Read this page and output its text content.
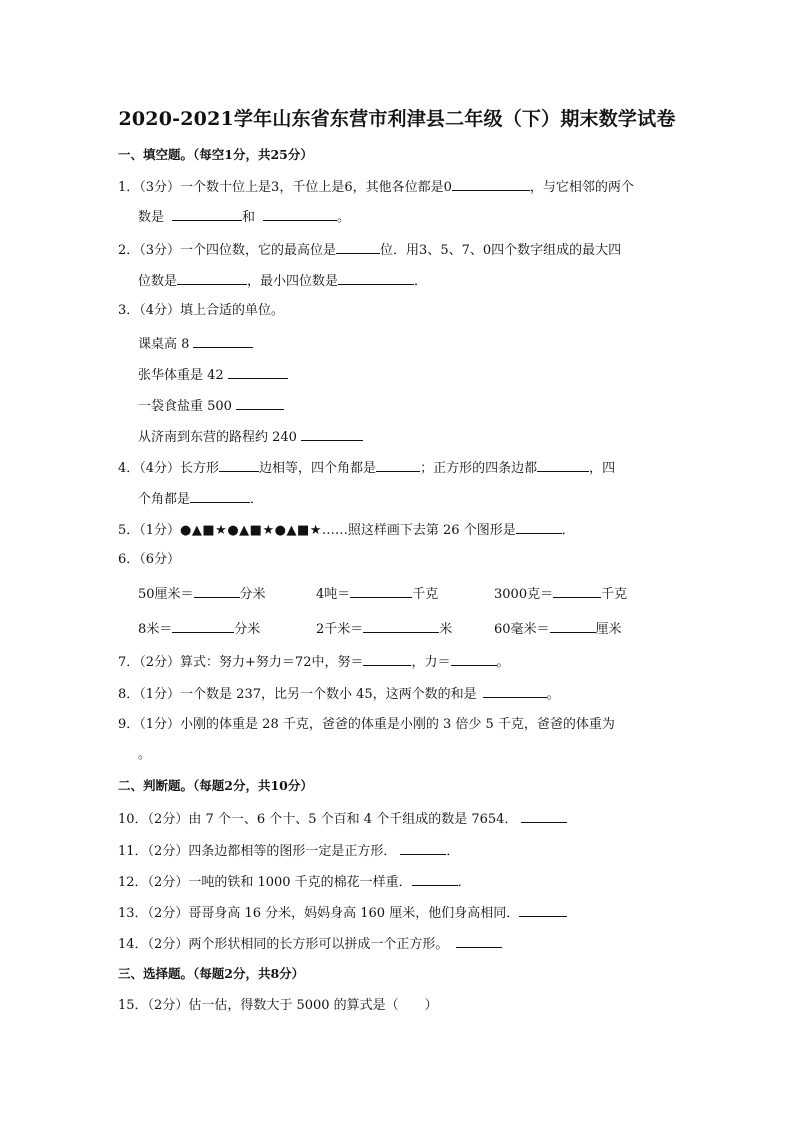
2020-2021学年山东省东营市利津县二年级（下）期末数学试卷
一、填空题。（每空1分，共25分）
1．（3分）一个数十位上是3，千位上是6，其他各位都是0	，与它相邻的两个
数是	和	。
2．（3分）一个四位数，它的最高位是	位．用3、5、7、0四个数字组成的最大四
位数是	，最小四位数是	．
3．（4分）填上合适的单位。
课桌高 8
张华体重是 42
一袋食盐重 500
从济南到东营的路程约 240
4．（4分）长方形	边相等，四个角都是	；正方形的四条边都	，四
个角都是	．
5．（1分）●▲■★●▲■★●▲■★……照这样画下去第 26 个图形是	．
6．（6分）
50厘米＝	分米	4吨＝	千克	3000克＝	千克
8米＝	分米	2千米＝	米	60毫米＝	厘米
7．（2分）算式：努力+努力＝72中，努＝	，力＝	。
8．（1分）一个数是 237，比另一个数小 45，这两个数的和是	。
9．（1分）小刚的体重是 28 千克，爸爸的体重是小刚的 3 倍少 5 千克，爸爸的体重为
。
二、判断题。（每题2分，共10分）
10．（2分）由 7 个一、6 个十、5 个百和 4 个千组成的数是 7654．
11．（2分）四条边都相等的图形一定是正方形．	．
12．（2分）一吨的铁和 1000 千克的棉花一样重．	．
13．（2分）哥哥身高 16 分米，妈妈身高 160 厘米，他们身高相同．
14．（2分）两个形状相同的长方形可以拼成一个正方形。
三、选择题。（每题2分，共8分）
15．（2分）估一估，得数大于 5000 的算式是（　　）
